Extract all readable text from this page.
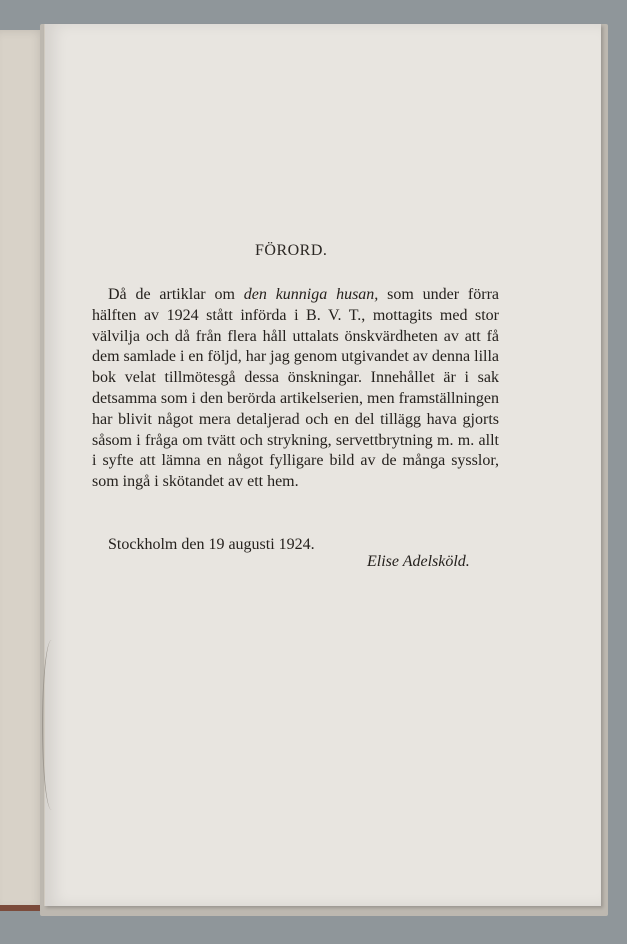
FÖRORD.

Då de artiklar om den kunniga husan, som under förra hälften av 1924 stått införda i B. V. T., mottagits med stor välvilja och då från flera håll uttalats önskvärdheten av att få dem samlade i en följd, har jag genom utgivandet av denna lilla bok velat tillmötesgå dessa önskningar. Innehållet är i sak detsamma som i den berörda artikelserien, men framställningen har blivit något mera detaljerad och en del tillägg hava gjorts såsom i fråga om tvätt och strykning, servettbrytning m. m. allt i syfte att lämna en något fylligare bild av de många sysslor, som ingå i skötandet av ett hem.

Stockholm den 19 augusti 1924.
Elise Adelsköld.
